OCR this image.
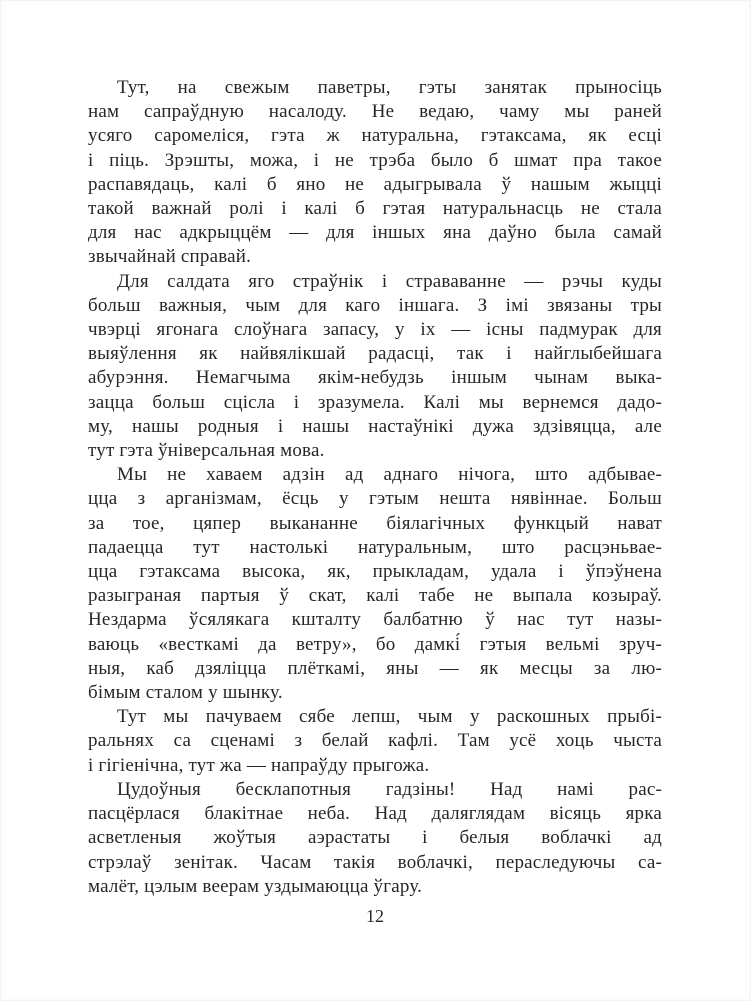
Тут, на свежым паветры, гэты занятак прыносіць
нам сапраўдную насалоду. Не ведаю, чаму мы раней
усяго саромеліся, гэта ж натуральна, гэтаксама, як есці
і піць. Зрэшты, можа, і не трэба было б шмат пра такое
распавядаць, калі б яно не адыгрывала ў нашым жыцці
такой важнай ролі і калі б гэтая натуральнасць не стала
для нас адкрыццём — для іншых яна даўно была самай
звычайнай справай.

Для салдата яго страўнік і страваванне — рэчы куды
больш важныя, чым для каго іншага. З імі звязаны тры
чвэрці ягонага слоўнага запасу, у іх — існы падмурак для
выяўлення як найвялікшай радасці, так і найглыбейшага
абурэння. Немагчыма якім-небудзь іншым чынам выка-
зацца больш сцісла і зразумела. Калі мы вернемся дадо-
му, нашы родныя і нашы настаўнікі дужа здзівяцца, але
тут гэта ўніверсальная мова.

Мы не хаваем адзін ад аднаго нічога, што адбывае-
цца з арганізмам, ёсць у гэтым нешта нявіннае. Больш
за тое, цяпер выкананне біялагічных функцый нават
падаецца тут настолькі натуральным, што расцэньвае-
цца гэтаксама высока, як, прыкладам, удала і ўпэўнена
разыграная партыя ў скат, калі табе не выпала козыраў.
Нездарма ўсялякага кшталту балбатню ў нас тут назы-
ваюць «весткамі да ветру», бо дамкі́ гэтыя вельмі зруч-
ныя, каб дзяліцца плёткамі, яны — як месцы за лю-
бімым сталом у шынку.

Тут мы пачуваем сябе лепш, чым у раскошных прыбі-
ральнях са сценамі з белай кафлі. Там усё хоць чыста
і гігіенічна, тут жа — напраўду прыгожа.

Цудоўныя бесклапотныя гадзіны! Над намі рас-
пасцёрлася блакітнае неба. Над даляглядам вісяць ярка
асветленыя жоўтыя аэрастаты і белыя воблачкі ад
стрэлаў зенітак. Часам такія воблачкі, пераследуючы са-
малёт, цэлым веерам уздымаюцца ўгару.

12
